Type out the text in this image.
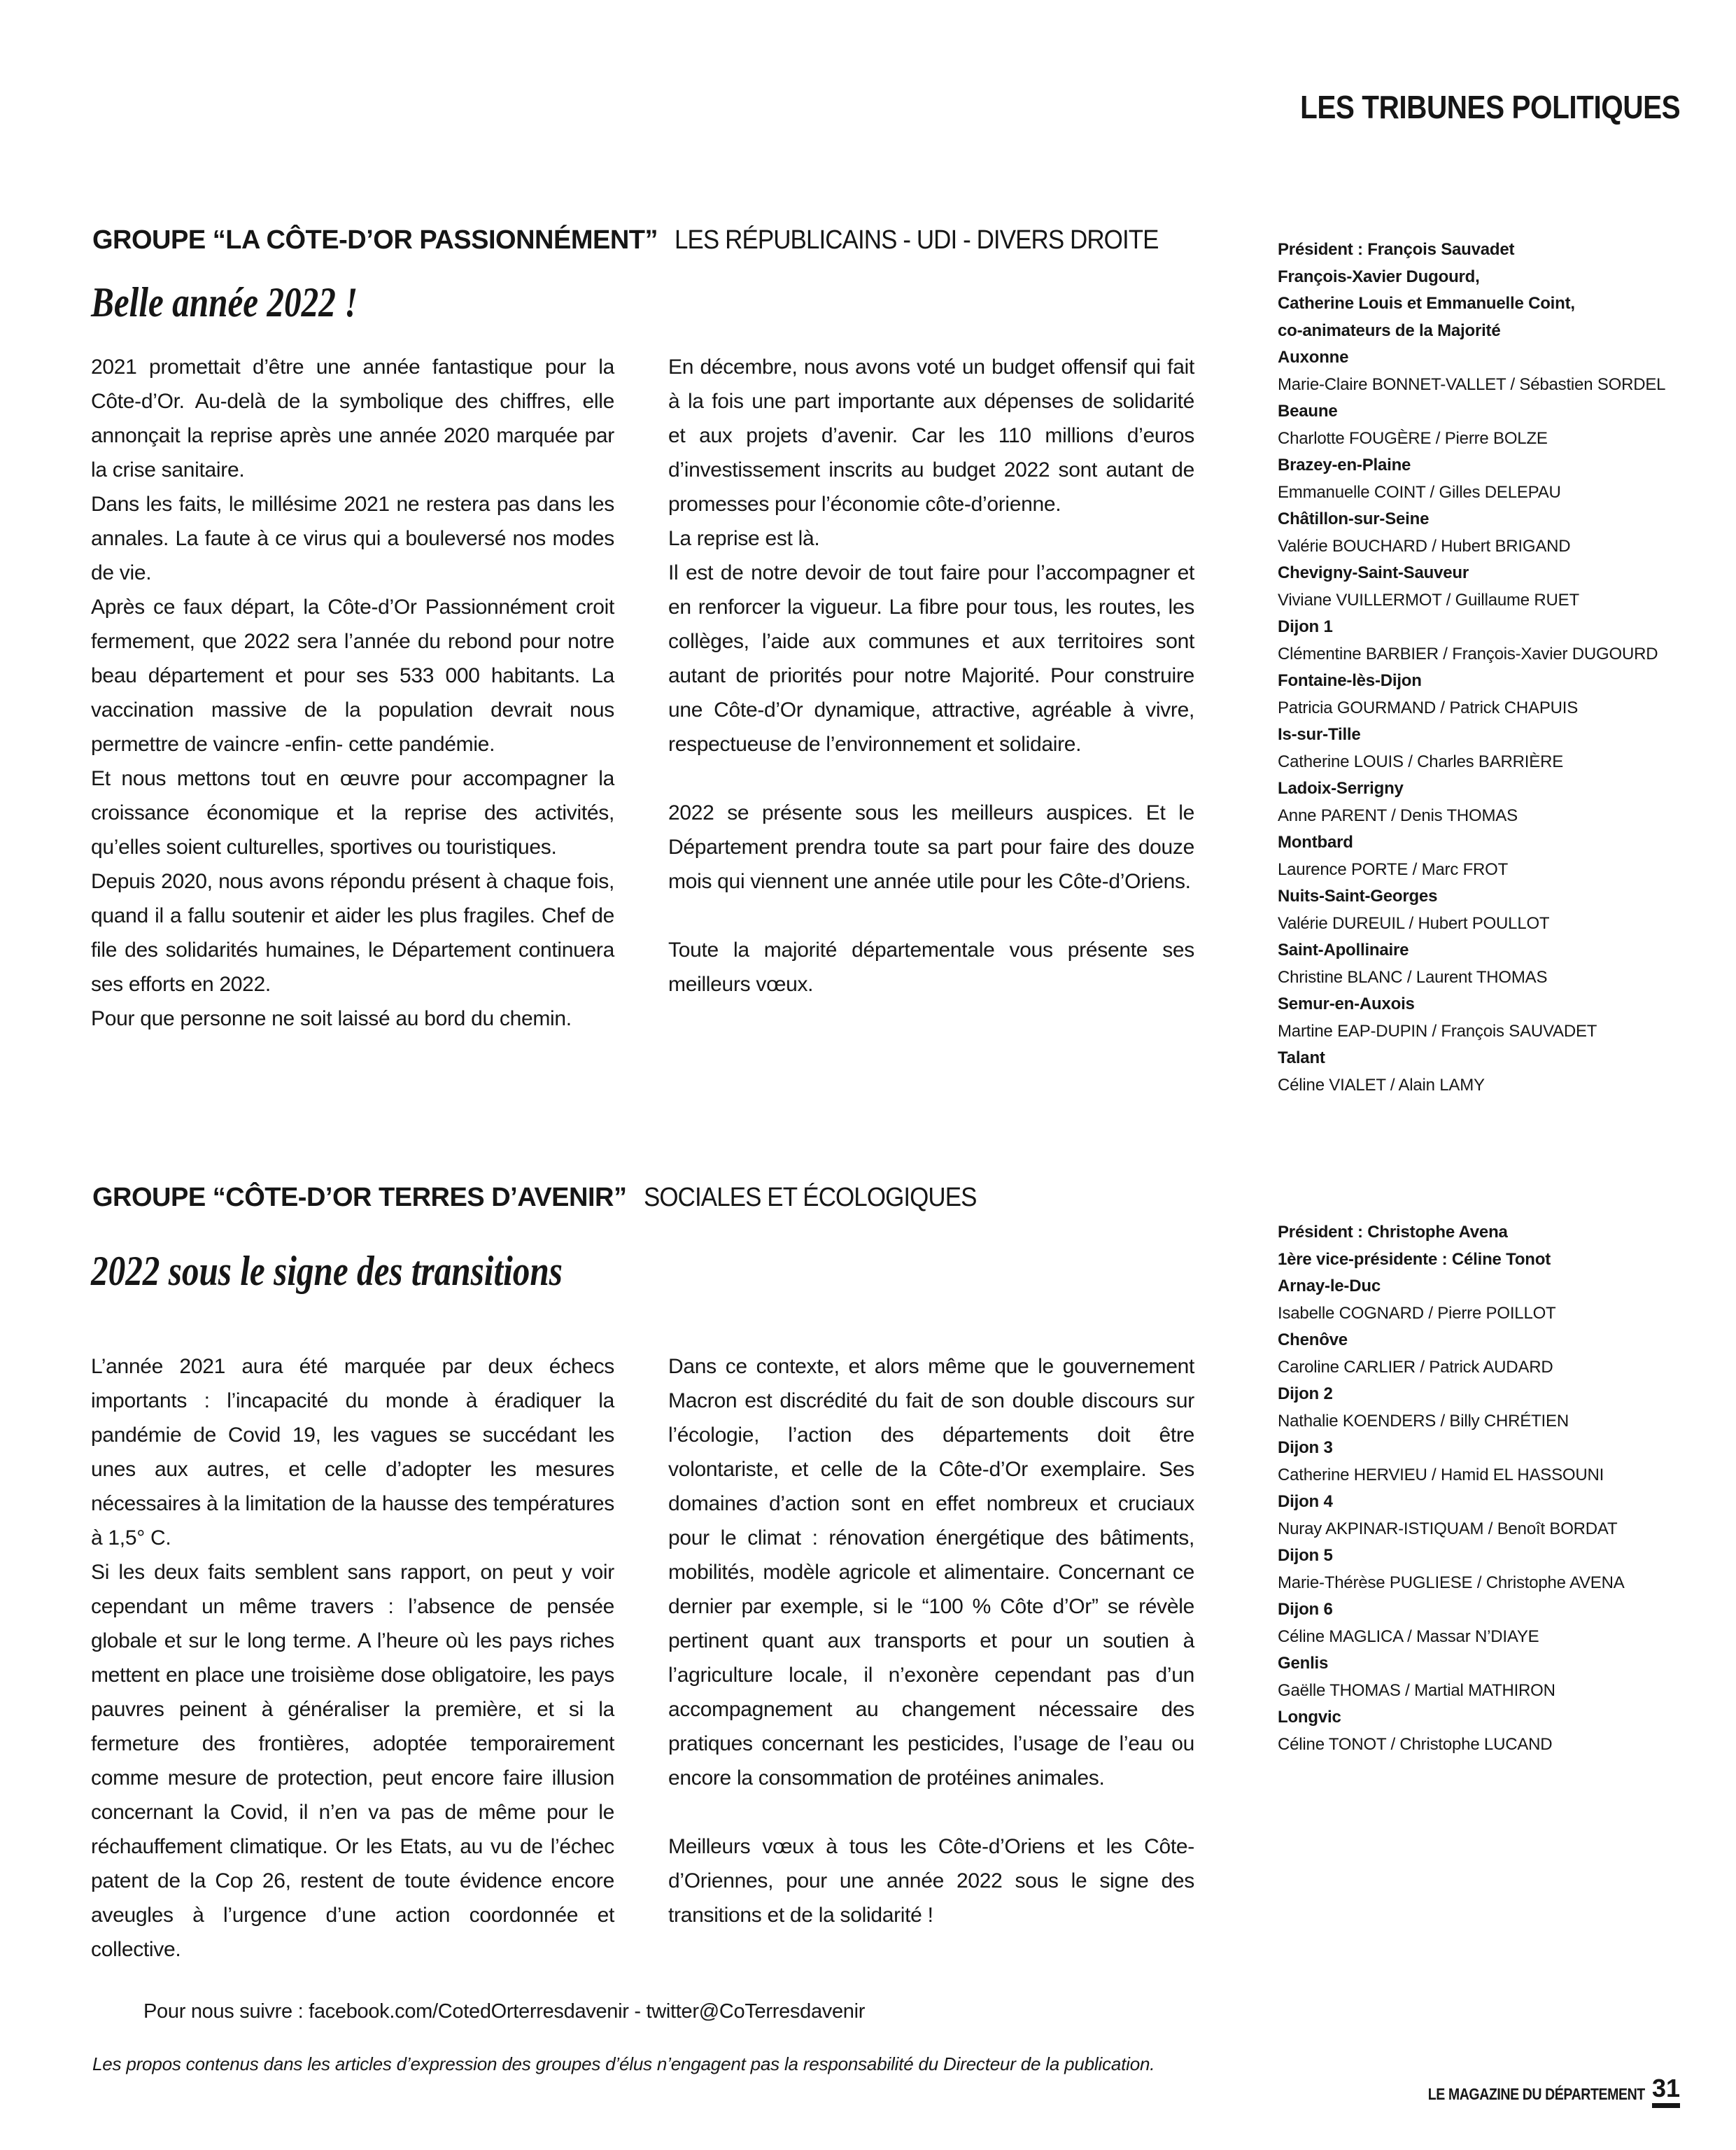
LES TRIBUNES POLITIQUES
GROUPE “LA CÔTE-D’OR PASSIONNÉMENT” LES RÉPUBLICAINS - UDI - DIVERS DROITE
Belle année 2022 !

2021 promettait d’être une année fantastique pour la Côte-d’Or. Au-delà de la symbolique des chiffres, elle annonçait la reprise après une année 2020 marquée par la crise sanitaire.

Dans les faits, le millésime 2021 ne restera pas dans les annales. La faute à ce virus qui a bouleversé nos modes de vie.

Après ce faux départ, la Côte-d’Or Passionnément croit fermement, que 2022 sera l’année du rebond pour notre beau département et pour ses 533 000 habitants. La vaccination massive de la population devrait nous permettre de vaincre -enfin- cette pandémie.

Et nous mettons tout en œuvre pour accompagner la croissance économique et la reprise des activités, qu’elles soient culturelles, sportives ou touristiques.

Depuis 2020, nous avons répondu présent à chaque fois, quand il a fallu soutenir et aider les plus fragiles. Chef de file des solidarités humaines, le Département continuera ses efforts en 2022.

Pour que personne ne soit laissé au bord du chemin.

En décembre, nous avons voté un budget offensif qui fait à la fois une part importante aux dépenses de solidarité et aux projets d’avenir. Car les 110 millions d’euros d’investissement inscrits au budget 2022 sont autant de promesses pour l’économie côte-d’orienne.

La reprise est là.

Il est de notre devoir de tout faire pour l’accompagner et en renforcer la vigueur. La fibre pour tous, les routes, les collèges, l’aide aux communes et aux territoires sont autant de priorités pour notre Majorité. Pour construire une Côte-d’Or dynamique, attractive, agréable à vivre, respectueuse de l’environnement et solidaire.

2022 se présente sous les meilleurs auspices. Et le Département prendra toute sa part pour faire des douze mois qui viennent une année utile pour les Côte-d’Oriens.

Toute la majorité départementale vous présente ses meilleurs vœux.

Président : François Sauvadet
François-Xavier Dugourd,
Catherine Louis et Emmanuelle Coint,
co-animateurs de la Majorité
Auxonne
Marie-Claire BONNET-VALLET / Sébastien SORDEL
Beaune
Charlotte FOUGÈRE / Pierre BOLZE
Brazey-en-Plaine
Emmanuelle COINT / Gilles DELEPAU
Châtillon-sur-Seine
Valérie BOUCHARD / Hubert BRIGAND
Chevigny-Saint-Sauveur
Viviane VUILLERMOT / Guillaume RUET
Dijon 1
Clémentine BARBIER / François-Xavier DUGOURD
Fontaine-lès-Dijon
Patricia GOURMAND / Patrick CHAPUIS
Is-sur-Tille
Catherine LOUIS / Charles BARRIÈRE
Ladoix-Serrigny
Anne PARENT / Denis THOMAS
Montbard
Laurence PORTE / Marc FROT
Nuits-Saint-Georges
Valérie DUREUIL / Hubert POULLOT
Saint-Apollinaire
Christine BLANC / Laurent THOMAS
Semur-en-Auxois
Martine EAP-DUPIN / François SAUVADET
Talant
Céline VIALET / Alain LAMY
GROUPE “CÔTE-D’OR TERRES D’AVENIR” SOCIALES ET ÉCOLOGIQUES
2022 sous le signe des transitions

L’année 2021 aura été marquée par deux échecs importants : l’incapacité du monde à éradiquer la pandémie de Covid 19, les vagues se succédant les unes aux autres, et celle d’adopter les mesures nécessaires à la limitation de la hausse des températures à 1,5° C.

Si les deux faits semblent sans rapport, on peut y voir cependant un même travers : l’absence de pensée globale et sur le long terme. A l’heure où les pays riches mettent en place une troisième dose obligatoire, les pays pauvres peinent à généraliser la première, et si la fermeture des frontières, adoptée temporairement comme mesure de protection, peut encore faire illusion concernant la Covid, il n’en va pas de même pour le réchauffement climatique. Or les Etats, au vu de l’échec patent de la Cop 26, restent de toute évidence encore aveugles à l’urgence d’une action coordonnée et collective.

Dans ce contexte, et alors même que le gouvernement Macron est discrédité du fait de son double discours sur l’écologie, l’action des départements doit être volontariste, et celle de la Côte-d’Or exemplaire. Ses domaines d’action sont en effet nombreux et cruciaux pour le climat : rénovation énergétique des bâtiments, mobilités, modèle agricole et alimentaire. Concernant ce dernier par exemple, si le “100 % Côte d’Or” se révèle pertinent quant aux transports et pour un soutien à l’agriculture locale, il n’exonère cependant pas d’un accompagnement au changement nécessaire des pratiques concernant les pesticides, l’usage de l’eau ou encore la consommation de protéines animales.

Meilleurs vœux à tous les Côte-d’Oriens et les Côte-d’Oriennes, pour une année 2022 sous le signe des transitions et de la solidarité !

Président : Christophe Avena
1ère vice-présidente : Céline Tonot
Arnay-le-Duc
Isabelle COGNARD / Pierre POILLOT
Chenôve
Caroline CARLIER / Patrick AUDARD
Dijon 2
Nathalie KOENDERS / Billy CHRÉTIEN
Dijon 3
Catherine HERVIEU / Hamid EL HASSOUNI
Dijon 4
Nuray AKPINAR-ISTIQUAM / Benoît BORDAT
Dijon 5
Marie-Thérèse PUGLIESE / Christophe AVENA
Dijon 6
Céline MAGLICA / Massar N’DIAYE
Genlis
Gaëlle THOMAS / Martial MATHIRON
Longvic
Céline TONOT / Christophe LUCAND
Pour nous suivre : facebook.com/CotedOrterresdavenir - twitter@CoTerresdavenir
Les propos contenus dans les articles d’expression des groupes d’élus n’engagent pas la responsabilité du Directeur de la publication.
LE MAGAZINE DU DÉPARTEMENT 31
